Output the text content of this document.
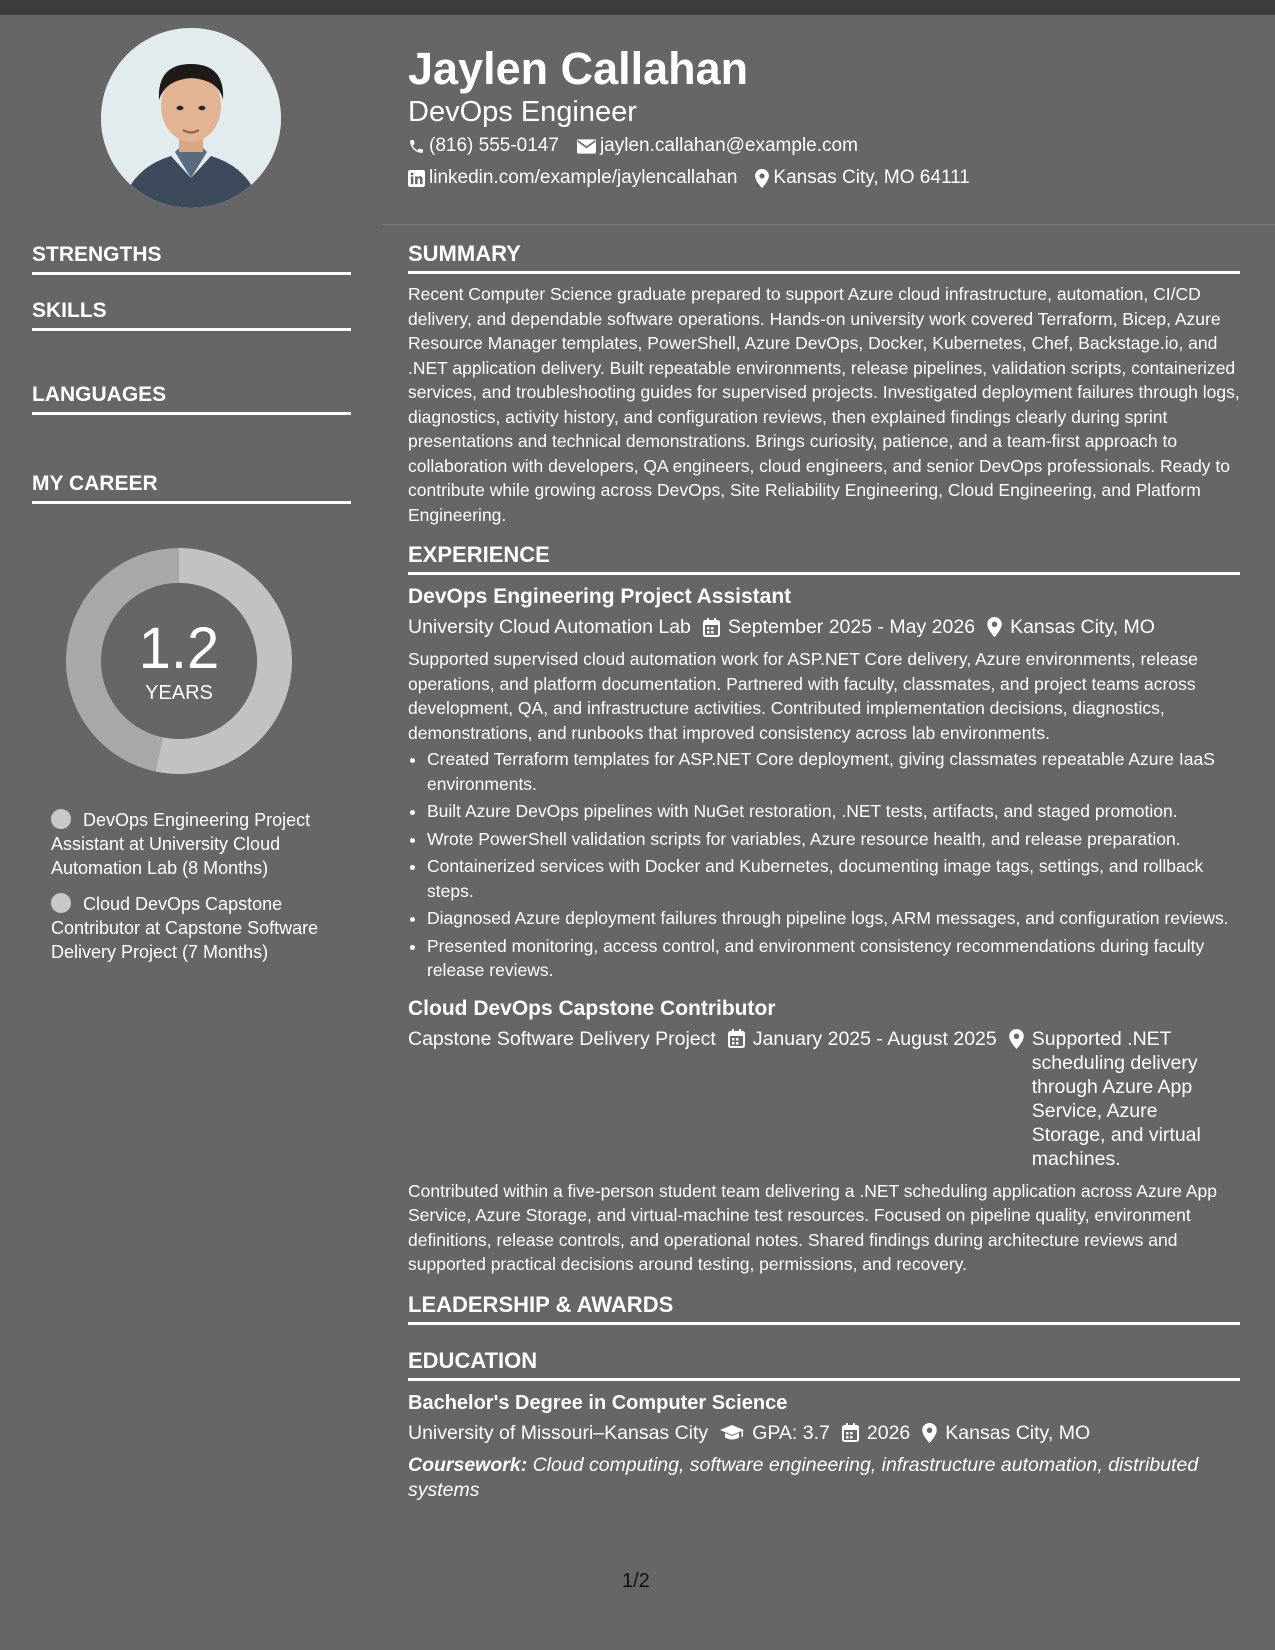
Jaylen Callahan
DevOps Engineer
(816) 555-0147 jaylen.callahan@example.com
linkedin.com/example/jaylencallahan Kansas City, MO 64111
STRENGTHS
SKILLS
LANGUAGES
MY CAREER
1.2
YEARS
DevOps Engineering Project Assistant at University Cloud Automation Lab (8 Months)
Cloud DevOps Capstone Contributor at Capstone Software Delivery Project (7 Months)
SUMMARY

Recent Computer Science graduate prepared to support Azure cloud infrastructure, automation, CI/CD delivery, and dependable software operations. Hands-on university work covered Terraform, Bicep, Azure Resource Manager templates, PowerShell, Azure DevOps, Docker, Kubernetes, Chef, Backstage.io, and .NET application delivery. Built repeatable environments, release pipelines, validation scripts, containerized services, and troubleshooting guides for supervised projects. Investigated deployment failures through logs, diagnostics, activity history, and configuration reviews, then explained findings clearly during sprint presentations and technical demonstrations. Brings curiosity, patience, and a team-first approach to collaboration with developers, QA engineers, cloud engineers, and senior DevOps professionals. Ready to contribute while growing across DevOps, Site Reliability Engineering, Cloud Engineering, and Platform Engineering.

EXPERIENCE
DevOps Engineering Project Assistant
University Cloud Automation Lab September 2025 - May 2026 Kansas City, MO

Supported supervised cloud automation work for ASP.NET Core delivery, Azure environments, release operations, and platform documentation. Partnered with faculty, classmates, and project teams across development, QA, and infrastructure activities. Contributed implementation decisions, diagnostics, demonstrations, and runbooks that improved consistency across lab environments.

• Created Terraform templates for ASP.NET Core deployment, giving classmates repeatable Azure IaaS environments.
• Built Azure DevOps pipelines with NuGet restoration, .NET tests, artifacts, and staged promotion.
• Wrote PowerShell validation scripts for variables, Azure resource health, and release preparation.
• Containerized services with Docker and Kubernetes, documenting image tags, settings, and rollback steps.
• Diagnosed Azure deployment failures through pipeline logs, ARM messages, and configuration reviews.
• Presented monitoring, access control, and environment consistency recommendations during faculty release reviews.
Cloud DevOps Capstone Contributor
Capstone Software Delivery Project January 2025 - August 2025 Supported .NET scheduling delivery through Azure App Service, Azure Storage, and virtual machines.

Contributed within a five-person student team delivering a .NET scheduling application across Azure App Service, Azure Storage, and virtual-machine test resources. Focused on pipeline quality, environment definitions, release controls, and operational notes. Shared findings during architecture reviews and supported practical decisions around testing, permissions, and recovery.

LEADERSHIP & AWARDS
EDUCATION
Bachelor's Degree in Computer Science
University of Missouri–Kansas City GPA: 3.7 2026 Kansas City, MO

Coursework: Cloud computing, software engineering, infrastructure automation, distributed systems

1/2
